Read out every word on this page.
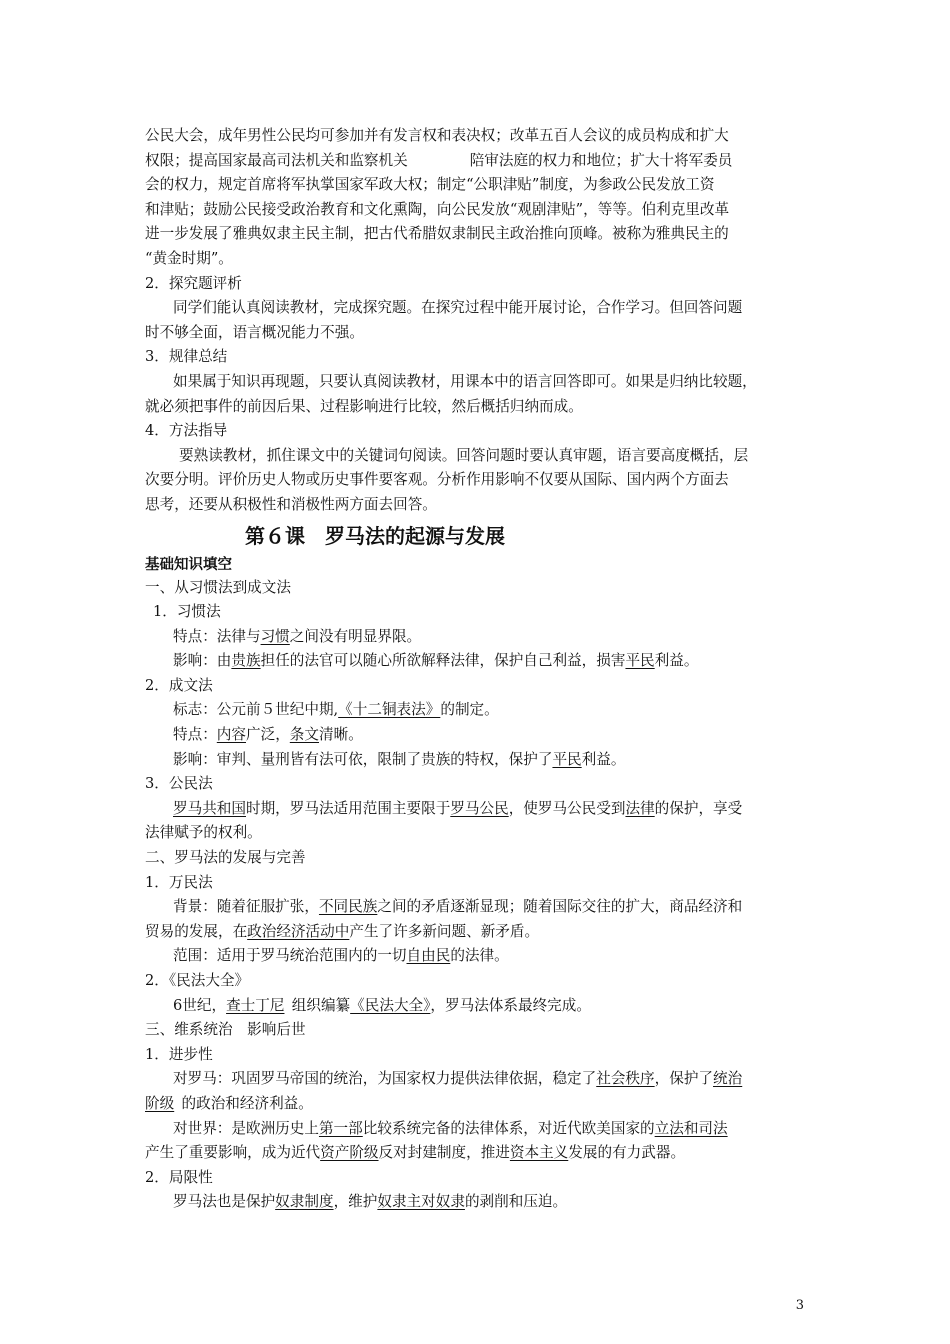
公民大会，成年男性公民均可参加并有发言权和表决权；改革五百人会议的成员构成和扩大
权限；提高国家最高司法机关和监察机关	陪审法庭的权力和地位；扩大十将军委员
会的权力，规定首席将军执掌国家军政大权；制定“公职津贴”制度，为参政公民发放工资
和津贴；鼓励公民接受政治教育和文化熏陶，向公民发放“观剧津贴”，等等。伯利克里改革
进一步发展了雅典奴隶主民主制，把古代希腊奴隶制民主政治推向顶峰。被称为雅典民主的
“黄金时期”。
2．探究题评析
同学们能认真阅读教材，完成探究题。在探究过程中能开展讨论，合作学习。但回答问题
时不够全面，语言概况能力不强。
3．规律总结
如果属于知识再现题，只要认真阅读教材，用课本中的语言回答即可。如果是归纳比较题，
就必须把事件的前因后果、过程影响进行比较，然后概括归纳而成。
4．方法指导
要熟读教材，抓住课文中的关键词句阅读。回答问题时要认真审题，语言要高度概括，层
次要分明。评价历史人物或历史事件要客观。分析作用影响不仅要从国际、国内两个方面去
思考，还要从积极性和消极性两方面去回答。
第６课　罗马法的起源与发展
基础知识填空
一、从习惯法到成文法
1．习惯法
特点：法律与习惯之间没有明显界限。
影响：由贵族担任的法官可以随心所欲解释法律，保护自己利益，损害平民利益。
2．成文法
标志：公元前５世纪中期,《十二铜表法》的制定。
特点：内容广泛，条文清晰。
影响：审判、量刑皆有法可依，限制了贵族的特权，保护了平民利益。
3．公民法
罗马共和国时期，罗马法适用范围主要限于罗马公民，使罗马公民受到法律的保护，享受
法律赋予的权利。
二、罗马法的发展与完善
1．万民法
背景：随着征服扩张，不同民族之间的矛盾逐渐显现；随着国际交往的扩大，商品经济和
贸易的发展，在政治经济活动中产生了许多新问题、新矛盾。
范围：适用于罗马统治范围内的一切自由民的法律。
2．《民法大全》
6世纪，查士丁尼  组织编纂《民法大全》，罗马法体系最终完成。
三、维系统治　影响后世
1．进步性
对罗马：巩固罗马帝国的统治，为国家权力提供法律依据，稳定了社会秩序，保护了统治
阶级  的政治和经济利益。
对世界：是欧洲历史上第一部比较系统完备的法律体系，对近代欧美国家的立法和司法
产生了重要影响，成为近代资产阶级反对封建制度，推进资本主义发展的有力武器。
2．局限性
罗马法也是保护奴隶制度，维护奴隶主对奴隶的剥削和压迫。
3
